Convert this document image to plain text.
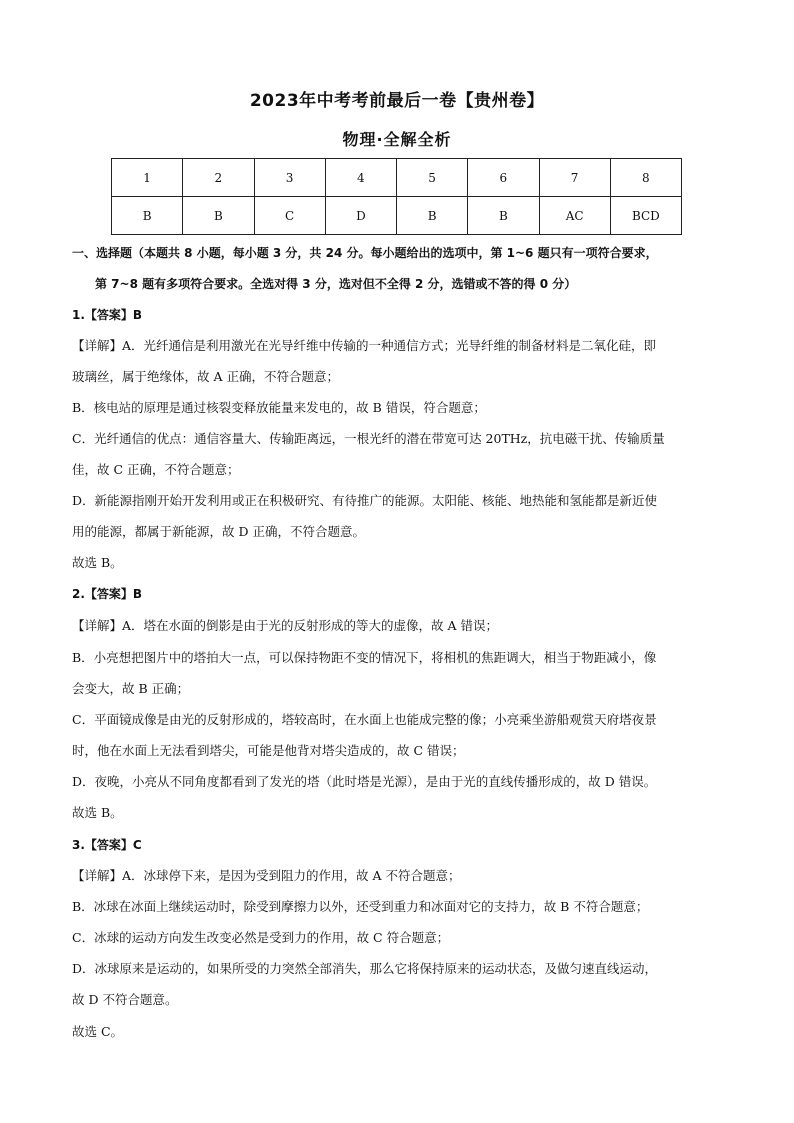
2023年中考考前最后一卷【贵州卷】
物理·全解全析
1	2	3	4	5	6	7	8
B	B	C	D	B	B	AC	BCD
一、选择题（本题共 8 小题，每小题 3 分，共 24 分。每小题给出的选项中，第 1~6 题只有一项符合要求，
第 7~8 题有多项符合要求。全选对得 3 分，选对但不全得 2 分，选错或不答的得 0 分）
1.【答案】B
【详解】A．光纤通信是利用激光在光导纤维中传输的一种通信方式；光导纤维的制备材料是二氧化硅，即
玻璃丝，属于绝缘体，故 A 正确，不符合题意；
B．核电站的原理是通过核裂变释放能量来发电的，故 B 错误，符合题意；
C．光纤通信的优点：通信容量大、传输距离远，一根光纤的潜在带宽可达 20THz，抗电磁干扰、传输质量
佳，故 C 正确，不符合题意；
D．新能源指刚开始开发利用或正在积极研究、有待推广的能源。太阳能、核能、地热能和氢能都是新近使
用的能源，都属于新能源，故 D 正确，不符合题意。
故选 B。
2.【答案】B
【详解】A．塔在水面的倒影是由于光的反射形成的等大的虚像，故 A 错误；
B．小亮想把图片中的塔拍大一点，可以保持物距不变的情况下，将相机的焦距调大，相当于物距减小，像
会变大，故 B 正确；
C．平面镜成像是由光的反射形成的，塔较高时，在水面上也能成完整的像；小亮乘坐游船观赏天府塔夜景
时，他在水面上无法看到塔尖，可能是他背对塔尖造成的，故 C 错误；
D．夜晚，小亮从不同角度都看到了发光的塔（此时塔是光源），是由于光的直线传播形成的，故 D 错误。
故选 B。
3.【答案】C
【详解】A．冰球停下来，是因为受到阻力的作用，故 A 不符合题意；
B．冰球在冰面上继续运动时，除受到摩擦力以外，还受到重力和冰面对它的支持力，故 B 不符合题意；
C．冰球的运动方向发生改变必然是受到力的作用，故 C 符合题意；
D．冰球原来是运动的，如果所受的力突然全部消失，那么它将保持原来的运动状态，及做匀速直线运动，
故 D 不符合题意。
故选 C。
